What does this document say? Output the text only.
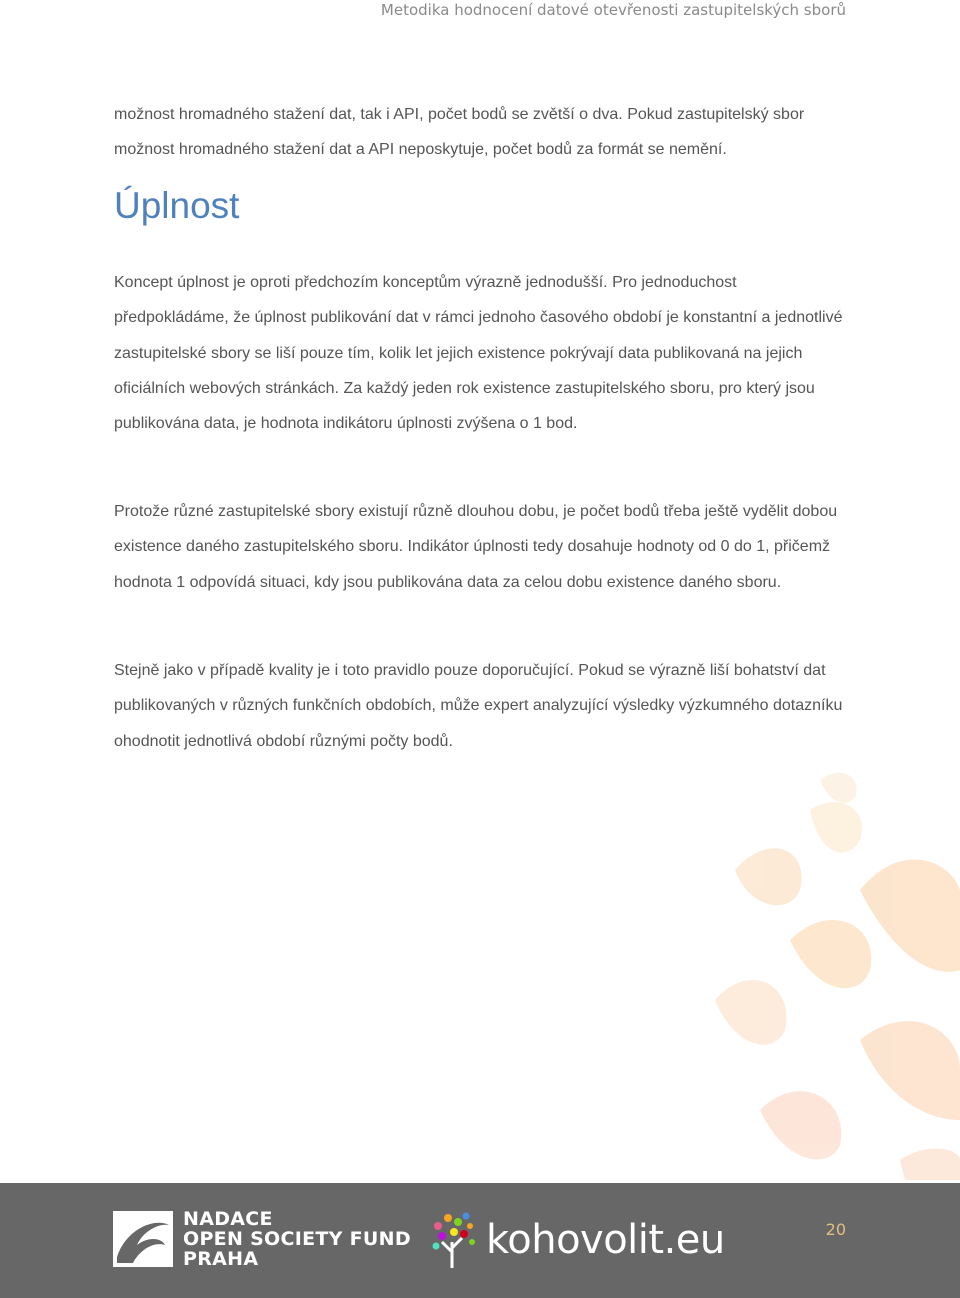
Metodika hodnocení datové otevřenosti zastupitelských sborů

možnost hromadného stažení dat, tak i API, počet bodů se zvětší o dva. Pokud zastupitelský sbor možnost hromadného stažení dat a API neposkytuje, počet bodů za formát se nemění.

Úplnost

Koncept úplnost je oproti předchozím konceptům výrazně jednodušší. Pro jednoduchost předpokládáme, že úplnost publikování dat v rámci jednoho časového období je konstantní a jednotlivé zastupitelské sbory se liší pouze tím, kolik let jejich existence pokrývají data publikovaná na jejich oficiálních webových stránkách. Za každý jeden rok existence zastupitelského sboru, pro který jsou publikována data, je hodnota indikátoru úplnosti zvýšena o 1 bod.

Protože různé zastupitelské sbory existují různě dlouhou dobu, je počet bodů třeba ještě vydělit dobou existence daného zastupitelského sboru. Indikátor úplnosti tedy dosahuje hodnoty od 0 do 1, přičemž hodnota 1 odpovídá situaci, kdy jsou publikována data za celou dobu existence daného sboru.

Stejně jako v případě kvality je i toto pravidlo pouze doporučující. Pokud se výrazně liší bohatství dat publikovaných v různých funkčních obdobích, může expert analyzující výsledky výzkumného dotazníku ohodnotit jednotlivá období různými počty bodů.

NADACE
OPEN SOCIETY FUND
PRAHA	kohovolit.eu	20
